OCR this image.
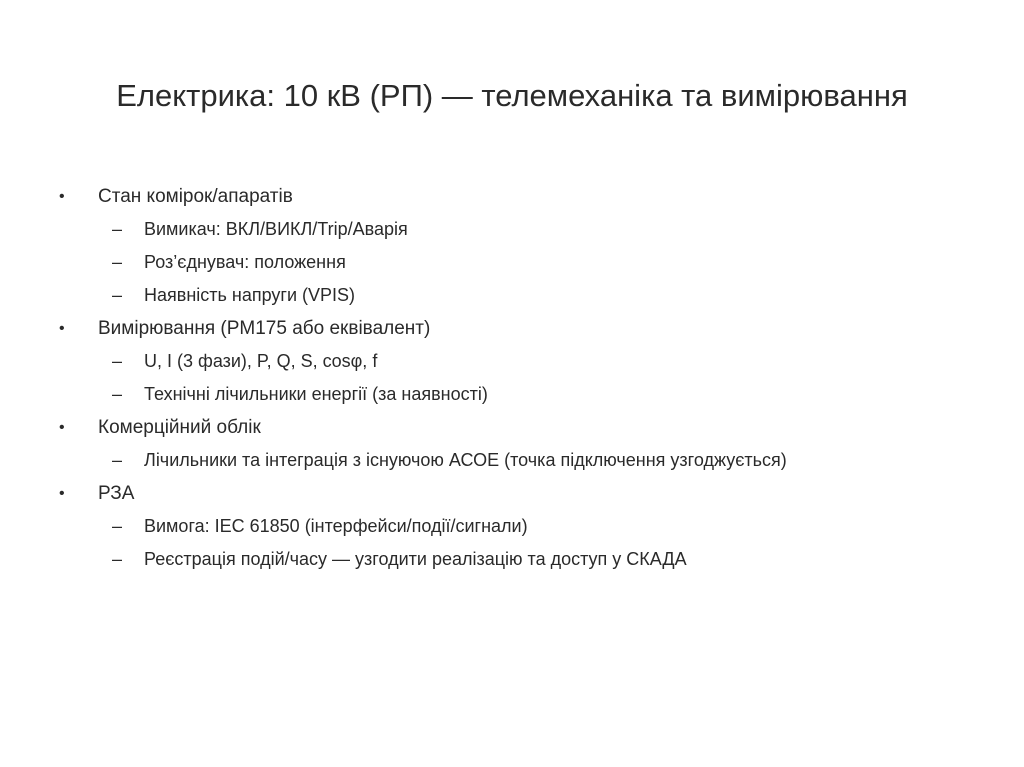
Електрика: 10 кВ (РП) — телемеханіка та вимірювання
• Стан комірок/апаратів
– Вимикач: ВКЛ/ВИКЛ/Trip/Аварія
– Роз’єднувач: положення
– Наявність напруги (VPIS)
• Вимірювання (PM175 або еквівалент)
– U, I (3 фази), P, Q, S, cosφ, f
– Технічні лічильники енергії (за наявності)
• Комерційний облік
– Лічильники та інтеграція з існуючою АСОЕ (точка підключення узгоджується)
• РЗА
– Вимога: IEC 61850 (інтерфейси/події/сигнали)
– Реєстрація подій/часу — узгодити реалізацію та доступ у СКАДА
